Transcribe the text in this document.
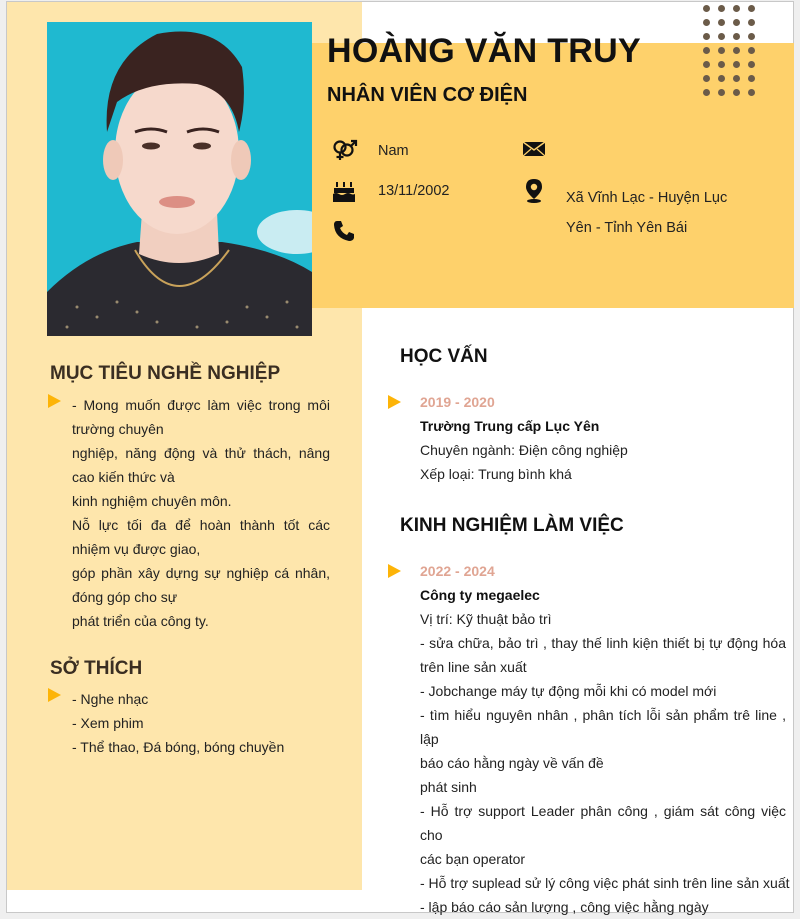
HOÀNG VĂN TRUY
NHÂN VIÊN CƠ ĐIỆN
Nam
13/11/2002	Xã Vĩnh Lạc - Huyện Lục
Yên - Tỉnh Yên Bái
MỤC TIÊU NGHỀ NGHIỆP
- Mong muốn được làm việc trong môi
trường chuyên
nghiệp, năng động và thử thách, nâng
cao kiến thức và
kinh nghiệm chuyên môn.
Nỗ lực tối đa để hoàn thành tốt các
nhiệm vụ được giao,
góp phần xây dựng sự nghiệp cá nhân,
đóng góp cho sự
phát triển của công ty.
SỞ THÍCH
- Nghe nhạc
- Xem phim
- Thể thao, Đá bóng, bóng chuyền
HỌC VẤN
2019 - 2020
Trường Trung cấp Lục Yên
Chuyên ngành: Điện công nghiệp
Xếp loại: Trung bình khá
KINH NGHIỆM LÀM VIỆC
2022 - 2024
Công ty megaelec
Vị trí: Kỹ thuật bảo trì
- sửa chữa, bảo trì , thay thế linh kiện thiết bị tự động hóa
trên line sản xuất
- Jobchange máy tự động mỗi khi có model mới
- tìm hiểu nguyên nhân , phân tích lỗi sản phẩm trê line , lập
báo cáo hằng ngày về vấn đề
phát sinh
- Hỗ trợ support Leader phân công , giám sát công việc cho
các bạn operator
- Hỗ trợ suplead sử lý công việc phát sinh trên line sản xuất
- lập báo cáo sản lượng , công việc hằng ngày
